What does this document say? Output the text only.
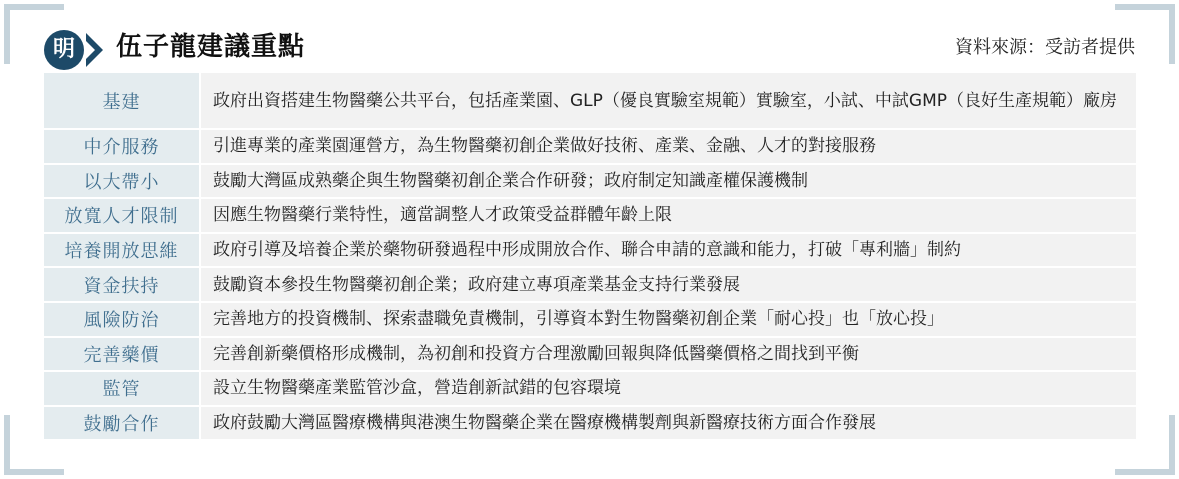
明	伍子龍建議重點	資料來源：受訪者提供
基建	政府出資搭建生物醫藥公共平台，包括產業園、GLP（優良實驗室規範）實驗室，小試、中試GMP（良好生產規範）廠房
中介服務	引進專業的產業園運營方，為生物醫藥初創企業做好技術、產業、金融、人才的對接服務
以大帶小	鼓勵大灣區成熟藥企與生物醫藥初創企業合作研發；政府制定知識產權保護機制
放寬人才限制	因應生物醫藥行業特性，適當調整人才政策受益群體年齡上限
培養開放思維	政府引導及培養企業於藥物研發過程中形成開放合作、聯合申請的意識和能力，打破「專利牆」制約
資金扶持	鼓勵資本參投生物醫藥初創企業；政府建立專項產業基金支持行業發展
風險防治	完善地方的投資機制、探索盡職免責機制，引導資本對生物醫藥初創企業「耐心投」也「放心投」
完善藥價	完善創新藥價格形成機制，為初創和投資方合理激勵回報與降低醫藥價格之間找到平衡
監管	設立生物醫藥產業監管沙盒，營造創新試錯的包容環境
鼓勵合作	政府鼓勵大灣區醫療機構與港澳生物醫藥企業在醫療機構製劑與新醫療技術方面合作發展
